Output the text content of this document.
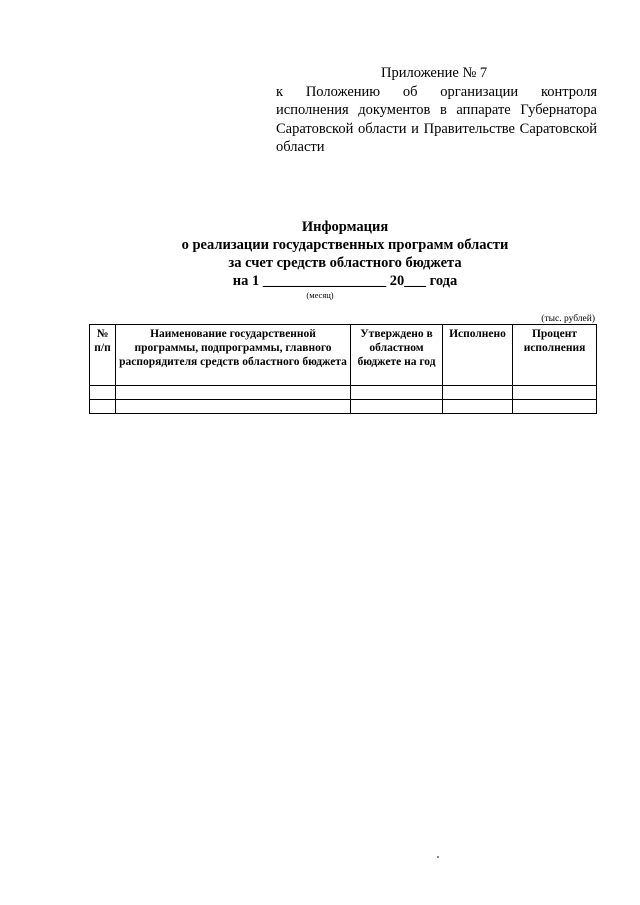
Приложение № 7
к Положению об организации контроля
исполнения документов в аппарате Губернатора
Саратовской области и Правительстве Саратовской
области
Информация
о реализации государственных программ области
за счет средств областного бюджета
на 1 _________________ 20___ года
(месяц)
(тыс. рублей)
№ п/п	Наименование государственной программы, подпрограммы, главного распорядителя средств областного бюджета	Утверждено в областном бюджете на год	Исполнено	Процент исполнения
